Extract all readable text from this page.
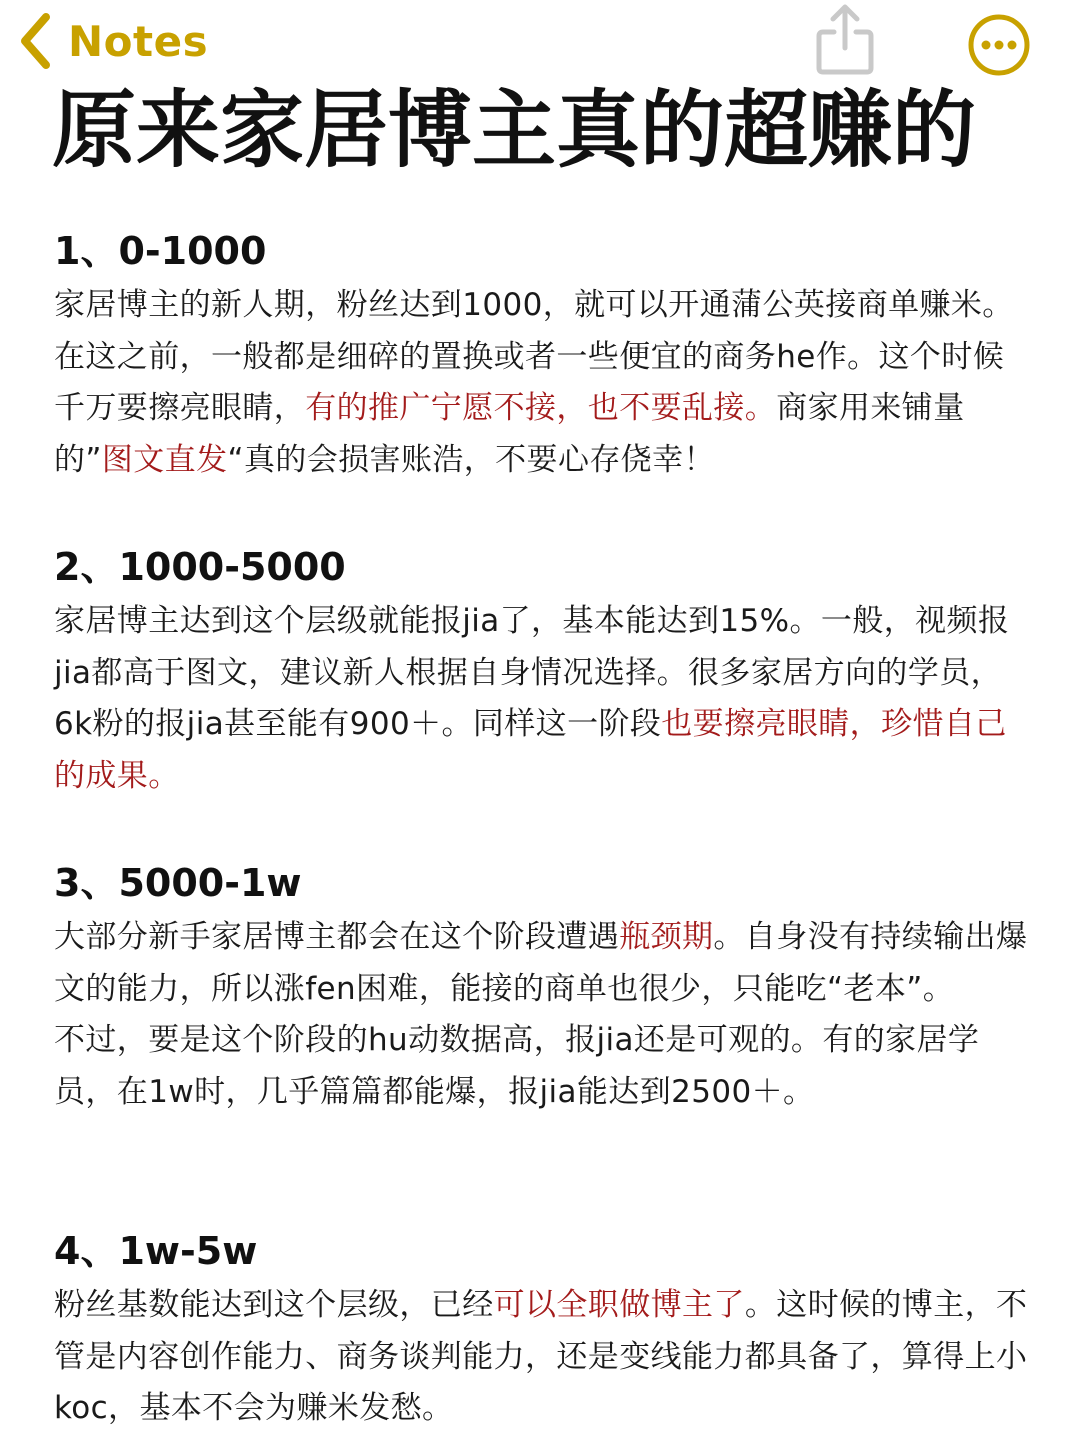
Notes
原来家居博主真的超赚的
1、0-1000

家居博主的新人期，粉丝达到1000，就可以开通蒲公英接商单赚米。在这之前，一般都是细碎的置换或者一些便宜的商务he作。这个时候千万要擦亮眼睛，有的推广宁愿不接，也不要乱接。商家用来铺量的”图文直发“真的会损害账浩，不要心存侥幸！

2、1000-5000

家居博主达到这个层级就能报jia了，基本能达到15%。一般，视频报jia都高于图文，建议新人根据自身情况选择。很多家居方向的学员，6k粉的报jia甚至能有900＋。同样这一阶段也要擦亮眼睛，珍惜自己的成果。

3、5000-1w

大部分新手家居博主都会在这个阶段遭遇瓶颈期。自身没有持续输出爆文的能力，所以涨fen困难，能接的商单也很少，只能吃“老本”。

不过，要是这个阶段的hu动数据高，报jia还是可观的。有的家居学员，在1w时，几乎篇篇都能爆，报jia能达到2500＋。

4、1w-5w

粉丝基数能达到这个层级，已经可以全职做博主了。这时候的博主，不管是内容创作能力、商务谈判能力，还是变线能力都具备了，算得上小koc，基本不会为赚米发愁。
